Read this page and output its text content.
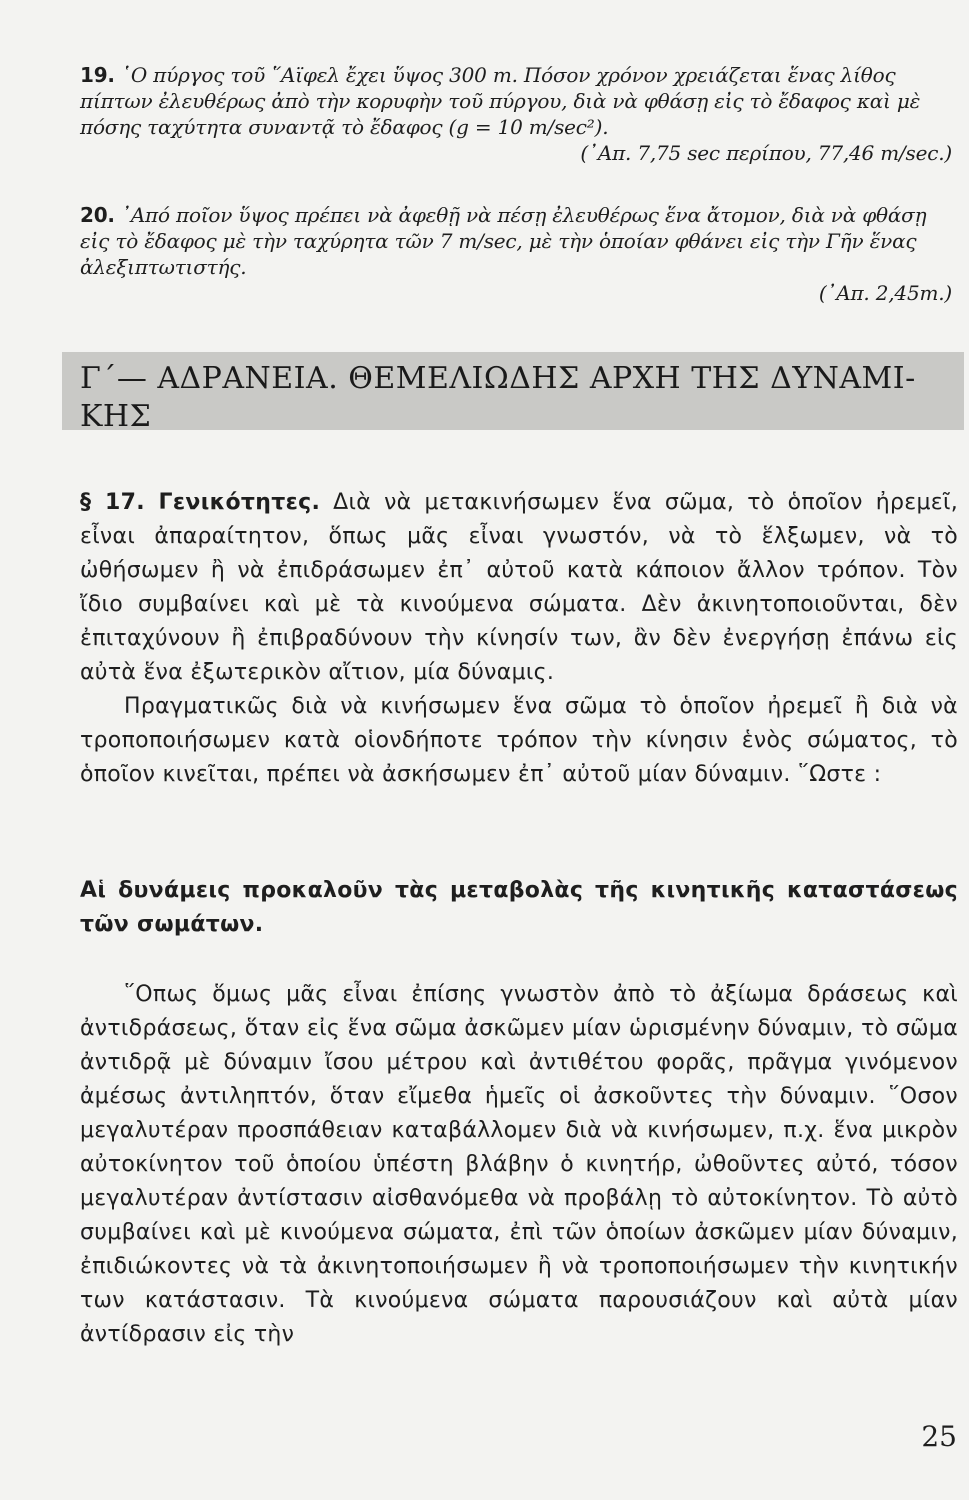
19. ῾Ο πύργος τοῦ ῞Αϊφελ ἔχει ὕψος 300 m. Πόσον χρόνον χρειάζεται ἕνας λίθος πίπτων ἐλευθέρως ἀπὸ τὴν κορυφὴν τοῦ πύργου, διὰ νὰ φθάσῃ εἰς τὸ ἔδαφος καὶ μὲ πόσης ταχύτητα συναντᾷ τὸ ἔδαφος (g = 10 m/sec²).
(᾿Απ. 7,75 sec περίπου, 77,46 m/sec.)
20. ᾿Από ποῖον ὕψος πρέπει νὰ ἀφεθῇ νὰ πέσῃ ἐλευθέρως ἕνα ἄτομον, διὰ νὰ φθάσῃ εἰς τὸ ἔδαφος μὲ τὴν ταχύρητα τῶν 7 m/sec, μὲ τὴν ὁποίαν φθάνει εἰς τὴν Γῆν ἕνας ἀλεξιπτωτιστής.
(᾿Απ. 2,45m.)
Γ΄— ΑΔΡΑΝΕΙΑ. ΘΕΜΕΛΙΩΔΗΣ ΑΡΧΗ ΤΗΣ ΔΥΝΑΜΙ-ΚΗΣ
§ 17. Γενικότητες. Διὰ νὰ μετακινήσωμεν ἕνα σῶμα, τὸ ὁποῖον ἠρεμεῖ, εἶναι ἀπαραίτητον, ὅπως μᾶς εἶναι γνωστόν, νὰ τὸ ἕλξωμεν, νὰ τὸ ὠθήσωμεν ἢ νὰ ἐπιδράσωμεν ἐπ᾿ αὐτοῦ κατὰ κάποιον ἄλλον τρόπον. Τὸν ἴδιο συμβαίνει καὶ μὲ τὰ κινούμενα σώματα. Δὲν ἀκινητοποιοῦνται, δὲν ἐπιταχύνουν ἢ ἐπιβραδύνουν τὴν κίνησίν των, ἂν δὲν ἐνεργήσῃ ἐπάνω εἰς αὐτὰ ἕνα ἐξωτερικὸν αἴτιον, μία δύναμις.
Πραγματικῶς διὰ νὰ κινήσωμεν ἕνα σῶμα τὸ ὁποῖον ἠρεμεῖ ἢ διὰ νὰ τροποποιήσωμεν κατὰ οἱονδήποτε τρόπον τὴν κίνησιν ἑνὸς σώματος, τὸ ὁποῖον κινεῖται, πρέπει νὰ ἀσκήσωμεν ἐπ᾿ αὐτοῦ μίαν δύναμιν. ῞Ωστε :
Αἱ δυνάμεις προκαλοῦν τὰς μεταβολὰς τῆς κινητικῆς καταστάσεως τῶν σωμάτων.
῞Οπως ὅμως μᾶς εἶναι ἐπίσης γνωστὸν ἀπὸ τὸ ἀξίωμα δράσεως καὶ ἀντιδράσεως, ὅταν εἰς ἕνα σῶμα ἀσκῶμεν μίαν ὡρισμένην δύναμιν, τὸ σῶμα ἀντιδρᾷ μὲ δύναμιν ἴσου μέτρου καὶ ἀντιθέτου φορᾶς, πρᾶγμα γινόμενον ἀμέσως ἀντιληπτόν, ὅταν εἴμεθα ἡμεῖς οἱ ἀσκοῦντες τὴν δύναμιν. ῞Οσον μεγαλυτέραν προσπάθειαν καταβάλλομεν διὰ νὰ κινήσωμεν, π.χ. ἕνα μικρὸν αὐτοκίνητον τοῦ ὁποίου ὑπέστη βλάβην ὁ κινητήρ, ὠθοῦντες αὐτό, τόσον μεγαλυτέραν ἀντίστασιν αἰσθανόμεθα νὰ προβάλῃ τὸ αὐτοκίνητον. Τὸ αὐτὸ συμβαίνει καὶ μὲ κινούμενα σώματα, ἐπὶ τῶν ὁποίων ἀσκῶμεν μίαν δύναμιν, ἐπιδιώκοντες νὰ τὰ ἀκινητοποιήσωμεν ἢ νὰ τροποποιήσωμεν τὴν κινητικήν των κατάστασιν. Τὰ κινούμενα σώματα παρουσιάζουν καὶ αὐτὰ μίαν ἀντίδρασιν εἰς τὴν
25
